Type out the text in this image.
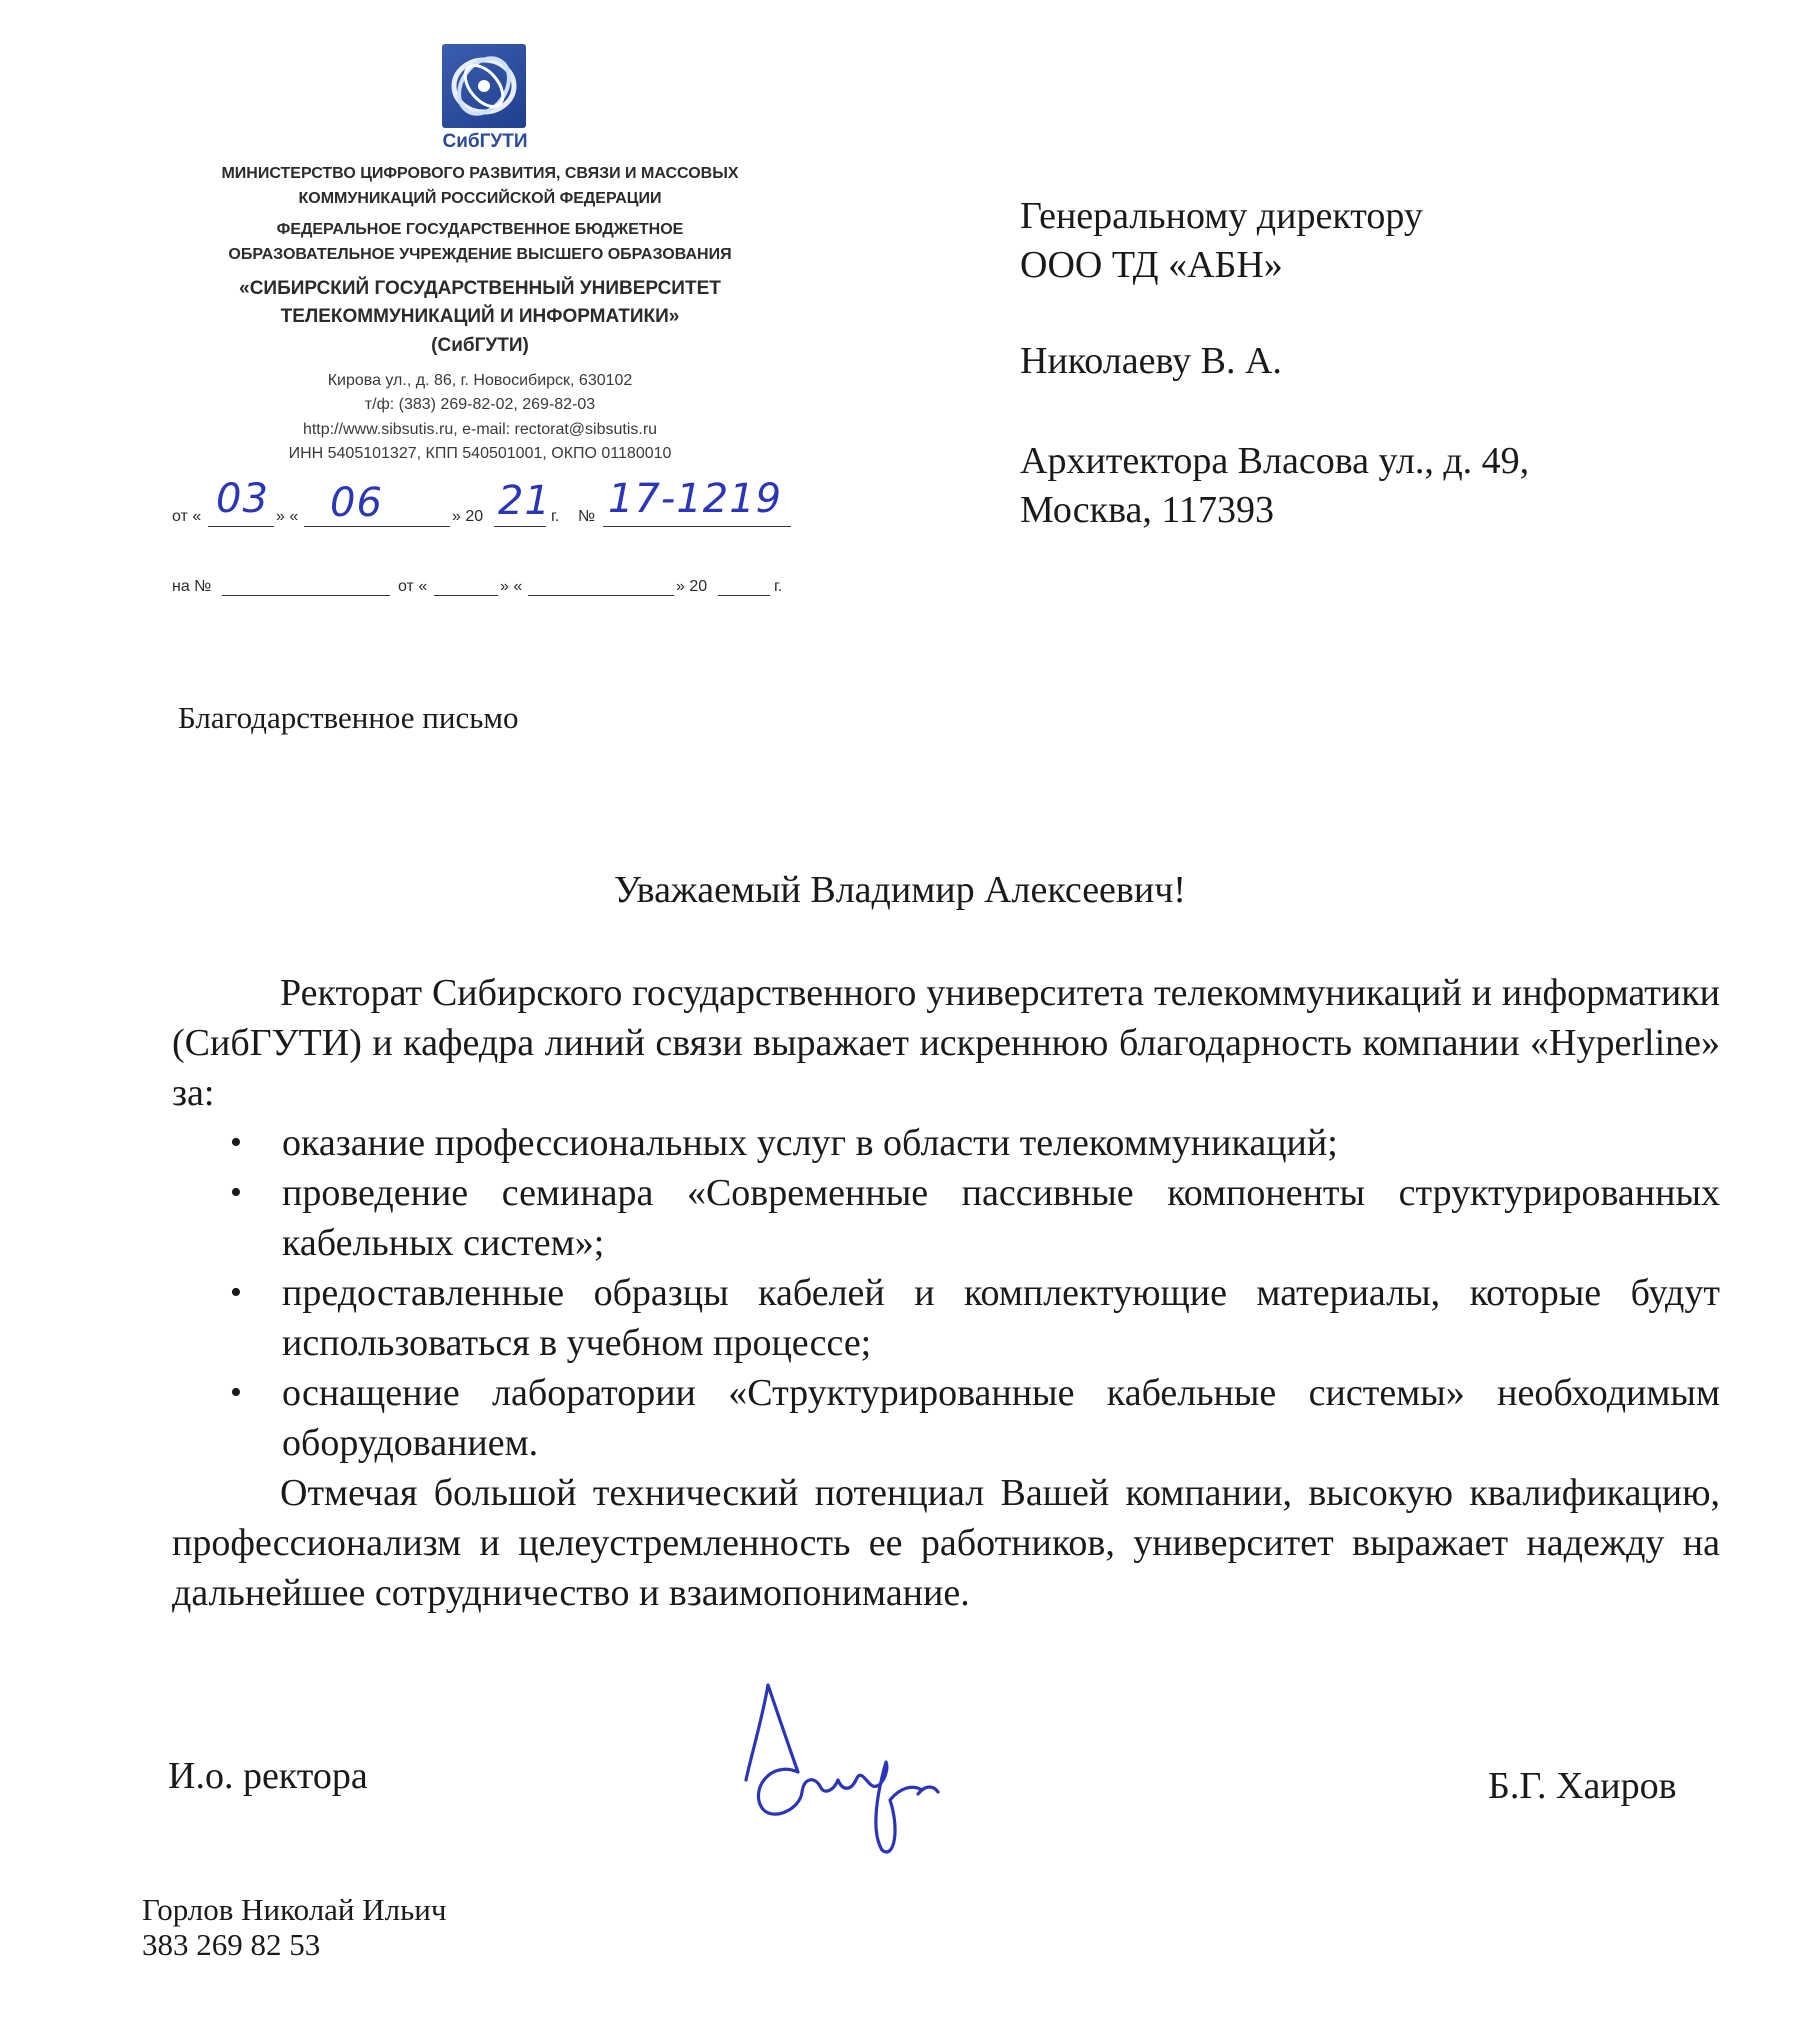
СибГУТИ
МИНИСТЕРСТВО ЦИФРОВОГО РАЗВИТИЯ, СВЯЗИ И МАССОВЫХ
КОММУНИКАЦИЙ РОССИЙСКОЙ ФЕДЕРАЦИИ
ФЕДЕРАЛЬНОЕ ГОСУДАРСТВЕННОЕ БЮДЖЕТНОЕ
ОБРАЗОВАТЕЛЬНОЕ УЧРЕЖДЕНИЕ ВЫСШЕГО ОБРАЗОВАНИЯ
«СИБИРСКИЙ ГОСУДАРСТВЕННЫЙ УНИВЕРСИТЕТ
ТЕЛЕКОММУНИКАЦИЙ И ИНФОРМАТИКИ»
(СибГУТИ)
Кирова ул., д. 86, г. Новосибирск, 630102
т/ф: (383) 269-82-02, 269-82-03
http://www.sibsutis.ru, e-mail: rectorat@sibsutis.ru
ИНН 5405101327, КПП 540501001, ОКПО 01180010
от « 03 » « 06	» 20 21 г. № 17-1219
на №	от «	» «	» 20	г.
Генеральному директору
ООО ТД «АБН»
Николаеву В. А.
Архитектора Власова ул., д. 49,
Москва, 117393
Благодарственное письмо
Уважаемый Владимир Алексеевич!
Ректорат Сибирского государственного университета телекоммуникаций и информатики (СибГУТИ) и кафедра линий связи выражает искреннюю благодарность компании «Hyperline» за:
• оказание профессиональных услуг в области телекоммуникаций;
• проведение семинара «Современные пассивные компоненты структурированных кабельных систем»;
• предоставленные образцы кабелей и комплектующие материалы, которые будут использоваться в учебном процессе;
• оснащение лаборатории «Структурированные кабельные системы» необходимым оборудованием.
Отмечая большой технический потенциал Вашей компании, высокую квалификацию, профессионализм и целеустремленность ее работников, университет выражает надежду на дальнейшее сотрудничество и взаимопонимание.
И.о. ректора	Б.Г. Хаиров
Горлов Николай Ильич
383 269 82 53
